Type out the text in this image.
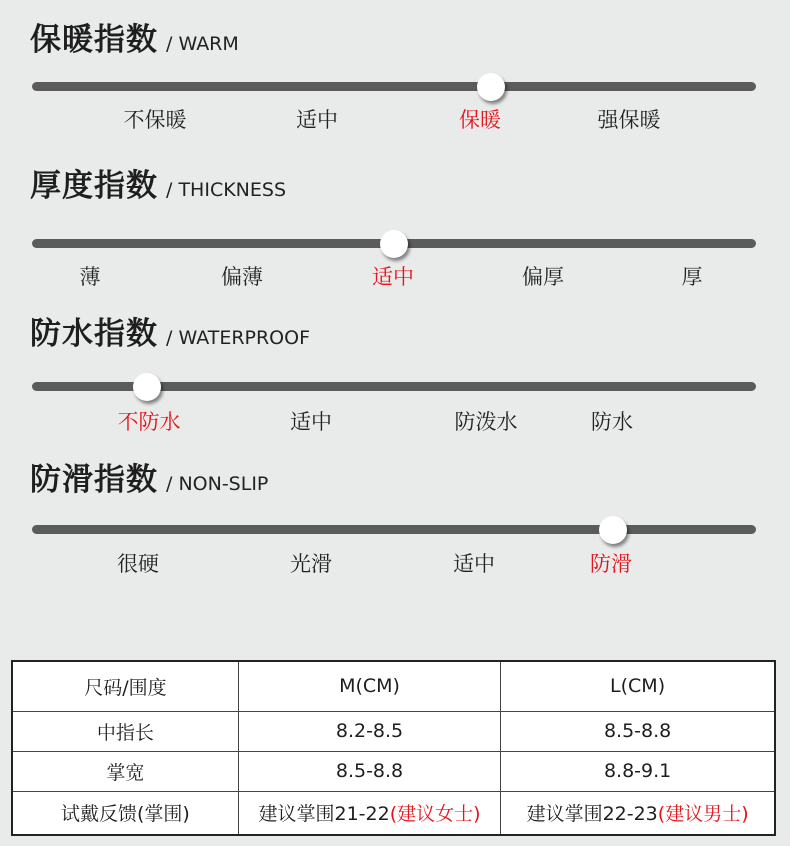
保暖指数 / WARM
不保暖	适中	保暖	强保暖
厚度指数 / THICKNESS
薄	偏薄	适中	偏厚	厚
防水指数 / WATERPROOF
不防水	适中	防泼水	防水
防滑指数 / NON-SLIP
很硬	光滑	适中	防滑
尺码/围度	M(CM)	L(CM)
中指长	8.2-8.5	8.5-8.8
掌宽	8.5-8.8	8.8-9.1
试戴反馈(掌围)	建议掌围21-22(建议女士)	建议掌围22-23(建议男士)
